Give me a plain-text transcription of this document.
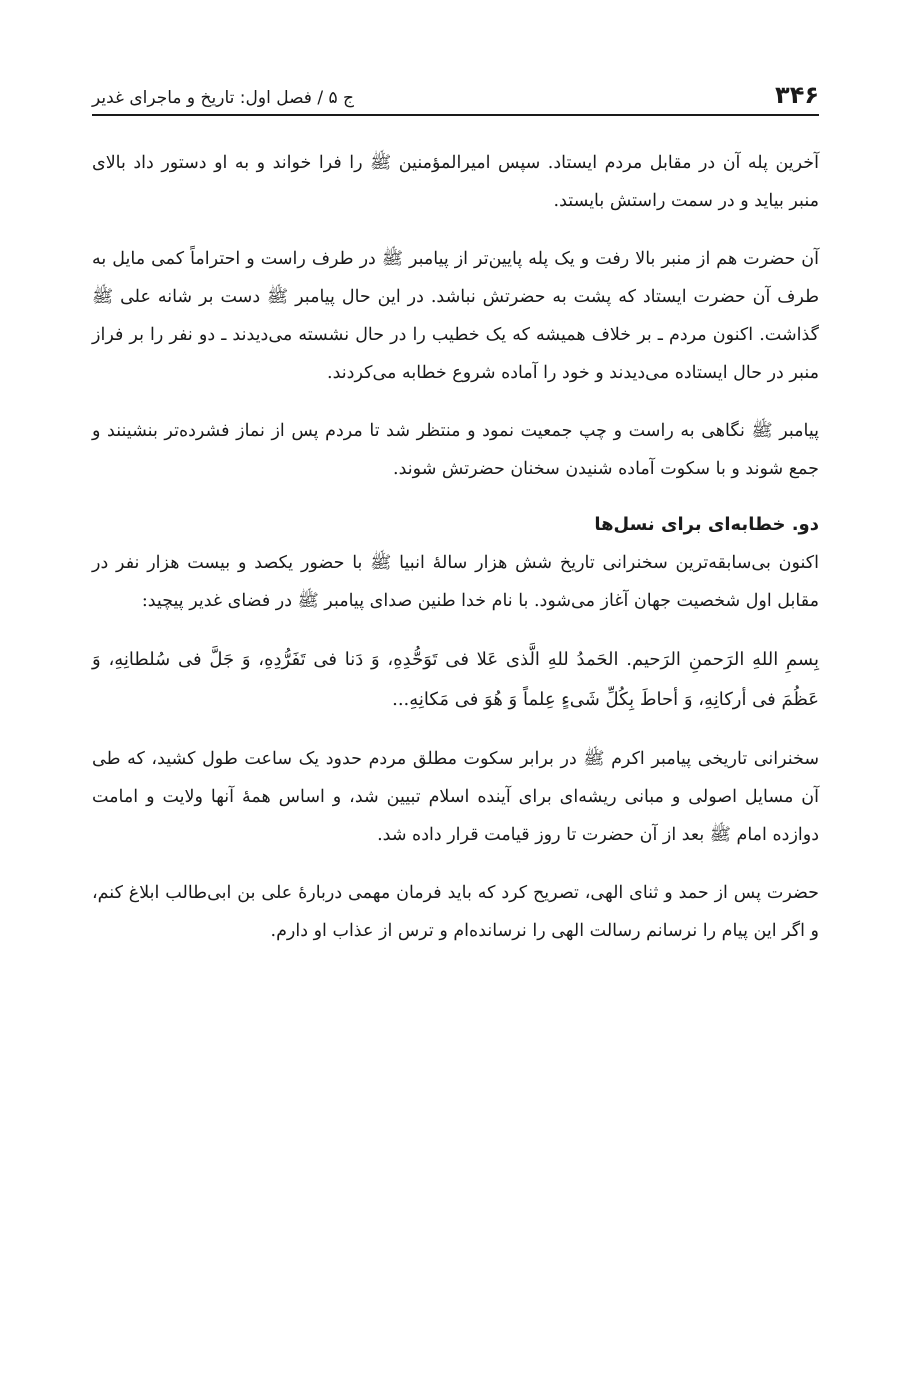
۳۴۶
ج ۵ / فصل اول: تاریخ و ماجرای غدیر

آخرین پله آن در مقابل مردم ایستاد. سپس امیرالمؤمنین ﷺ را فرا خواند و به او دستور داد بالای منبر بیاید و در سمت راستش بایستد.

آن حضرت هم از منبر بالا رفت و یک پله پایین‌تر از پیامبر ﷺ در طرف راست و احتراماً کمی مایل به طرف آن حضرت ایستاد که پشت به حضرتش نباشد. در این حال پیامبر ﷺ دست بر شانه علی ﷺ گذاشت. اکنون مردم ـ بر خلاف همیشه که یک خطیب را در حال نشسته می‌دیدند ـ دو نفر را بر فراز منبر در حال ایستاده می‌دیدند و خود را آماده شروع خطابه می‌کردند.

پیامبر ﷺ نگاهی به راست و چپ جمعیت نمود و منتظر شد تا مردم پس از نماز فشرده‌تر بنشینند و جمع شوند و با سکوت آماده شنیدن سخنان حضرتش شوند.

دو. خطابه‌ای برای نسل‌ها

اکنون بی‌سابقه‌ترین سخنرانی تاریخ شش هزار سالهٔ انبیا ﷺ با حضور یکصد و بیست هزار نفر در مقابل اول شخصیت جهان آغاز می‌شود. با نام خدا طنین صدای پیامبر ﷺ در فضای غدیر پیچید:

بِسمِ اللهِ الرَحمنِ الرَحیم. الحَمدُ للهِ الَّذی عَلا فی تَوَحُّدِهِ، وَ دَنا فی تَفَرُّدِهِ، وَ جَلَّ فی سُلطانِهِ، وَ عَظُمَ فی أرکانِهِ، وَ أحاطَ بِکُلِّ شَیءٍ عِلماً وَ هُوَ فی مَکانِهِ...

سخنرانی تاریخی پیامبر اکرم ﷺ در برابر سکوت مطلق مردم حدود یک ساعت طول کشید، که طی آن مسایل اصولی و مبانی ریشه‌ای برای آینده اسلام تبیین شد، و اساس همهٔ آنها ولایت و امامت دوازده امام ﷺ بعد از آن حضرت تا روز قیامت قرار داده شد.

حضرت پس از حمد و ثنای الهی، تصریح کرد که باید فرمان مهمی دربارهٔ علی بن ابی‌طالب ابلاغ کنم، و اگر این پیام را نرسانم رسالت الهی را نرسانده‌ام و ترس از عذاب او دارم.
